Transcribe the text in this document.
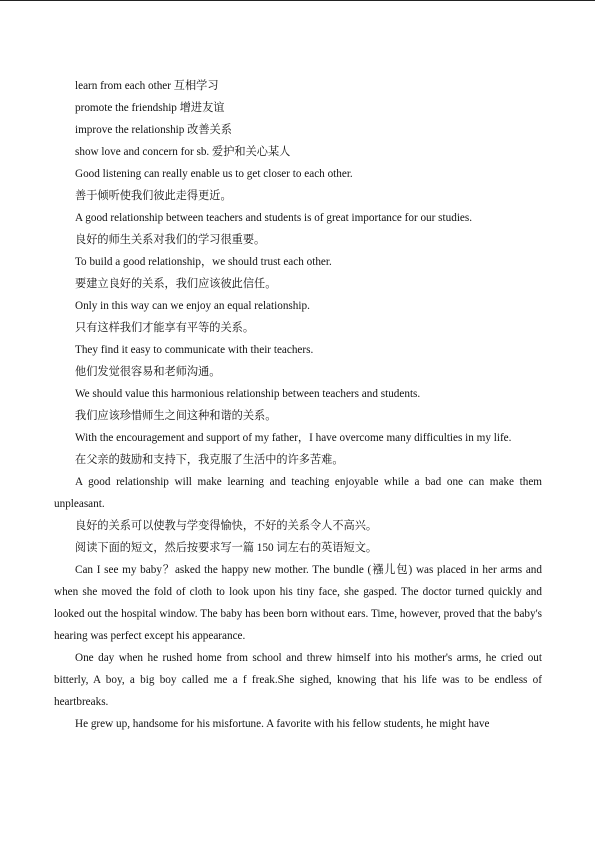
learn from each other 互相学习
promote the friendship 增进友谊
improve the relationship 改善关系
show love and concern for sb. 爱护和关心某人
Good listening can really enable us to get closer to each other.
善于倾听使我们彼此走得更近。
A good relationship between teachers and students is of great importance for our studies.
良好的师生关系对我们的学习很重要。
To build a good relationship，we should trust each other.
要建立良好的关系，我们应该彼此信任。
Only in this way can we enjoy an equal relationship.
只有这样我们才能享有平等的关系。
They find it easy to communicate with their teachers.
他们发觉很容易和老师沟通。
We should value this harmonious relationship between teachers and students.
我们应该珍惜师生之间这种和谐的关系。

With the encouragement and support of my father，I have overcome many difficulties in my life.

在父亲的鼓励和支持下，我克服了生活中的许多苦难。

A good relationship will make learning and teaching enjoyable while a bad one can make them unpleasant.

良好的关系可以使教与学变得愉快，不好的关系令人不高兴。

阅读下面的短文，然后按要求写一篇 150 词左右的英语短文。

Can I see my baby？asked the happy new mother. The bundle (襁儿包) was placed in her arms and when she moved the fold of cloth to look upon his tiny face, she gasped. The doctor turned quickly and looked out the hospital window. The baby has been born without ears. Time, however, proved that the baby's hearing was perfect except his appearance.

One day when he rushed home from school and threw himself into his mother's arms, he cried out bitterly, A boy, a big boy called me a f freak.She sighed, knowing that his life was to be endless of heartbreaks.

He grew up, handsome for his misfortune. A favorite with his fellow students, he might have
